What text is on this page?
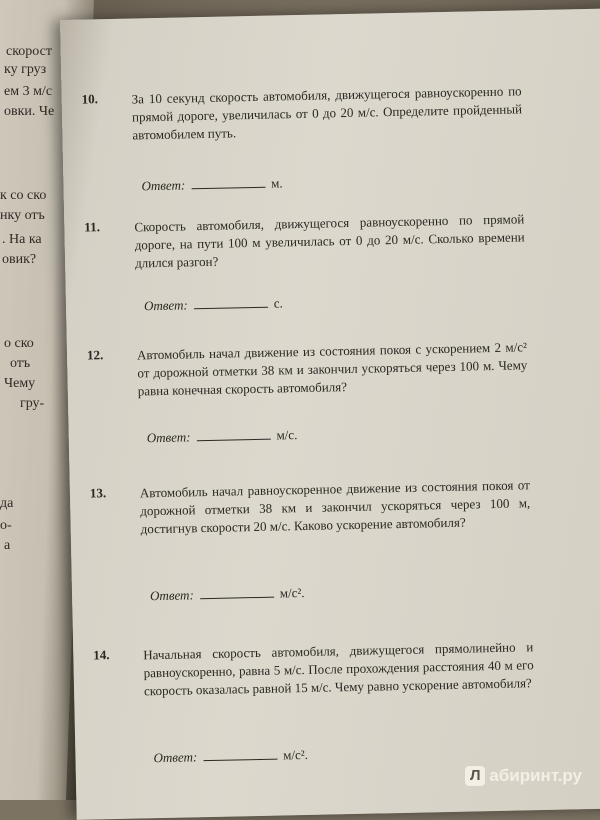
скорост
ку груз
ем 3 м/с
овки. Че
к со ско
нку отъ
. На ка
овик?
о ско
отъ
Чему
гру-
да
о-
а
10.	За 10 секунд скорость автомобиля, движущегося равноускоренно по прямой дороге, увеличилась от 0 до 20 м/с. Определите пройденный автомобилем путь.
Ответ:	м.
11.	Скорость автомобиля, движущегося равноускоренно по прямой дороге, на пути 100 м увеличилась от 0 до 20 м/с. Сколько времени длился разгон?
Ответ:	с.
12.	Автомобиль начал движение из состояния покоя с ускорением 2 м/с² от дорожной отметки 38 км и закончил ускоряться через 100 м. Чему равна конечная скорость автомобиля?
Ответ:	м/с.
13.	Автомобиль начал равноускоренное движение из состояния покоя от дорожной отметки 38 км и закончил ускоряться через 100 м, достигнув скорости 20 м/с. Каково ускорение автомобиля?
Ответ:	м/с².
14.	Начальная скорость автомобиля, движущегося прямолинейно и равноускоренно, равна 5 м/с. После прохождения расстояния 40 м его скорость оказалась равной 15 м/с. Чему равно ускорение автомобиля?
Ответ:	м/с².
Л абиринт.ру
